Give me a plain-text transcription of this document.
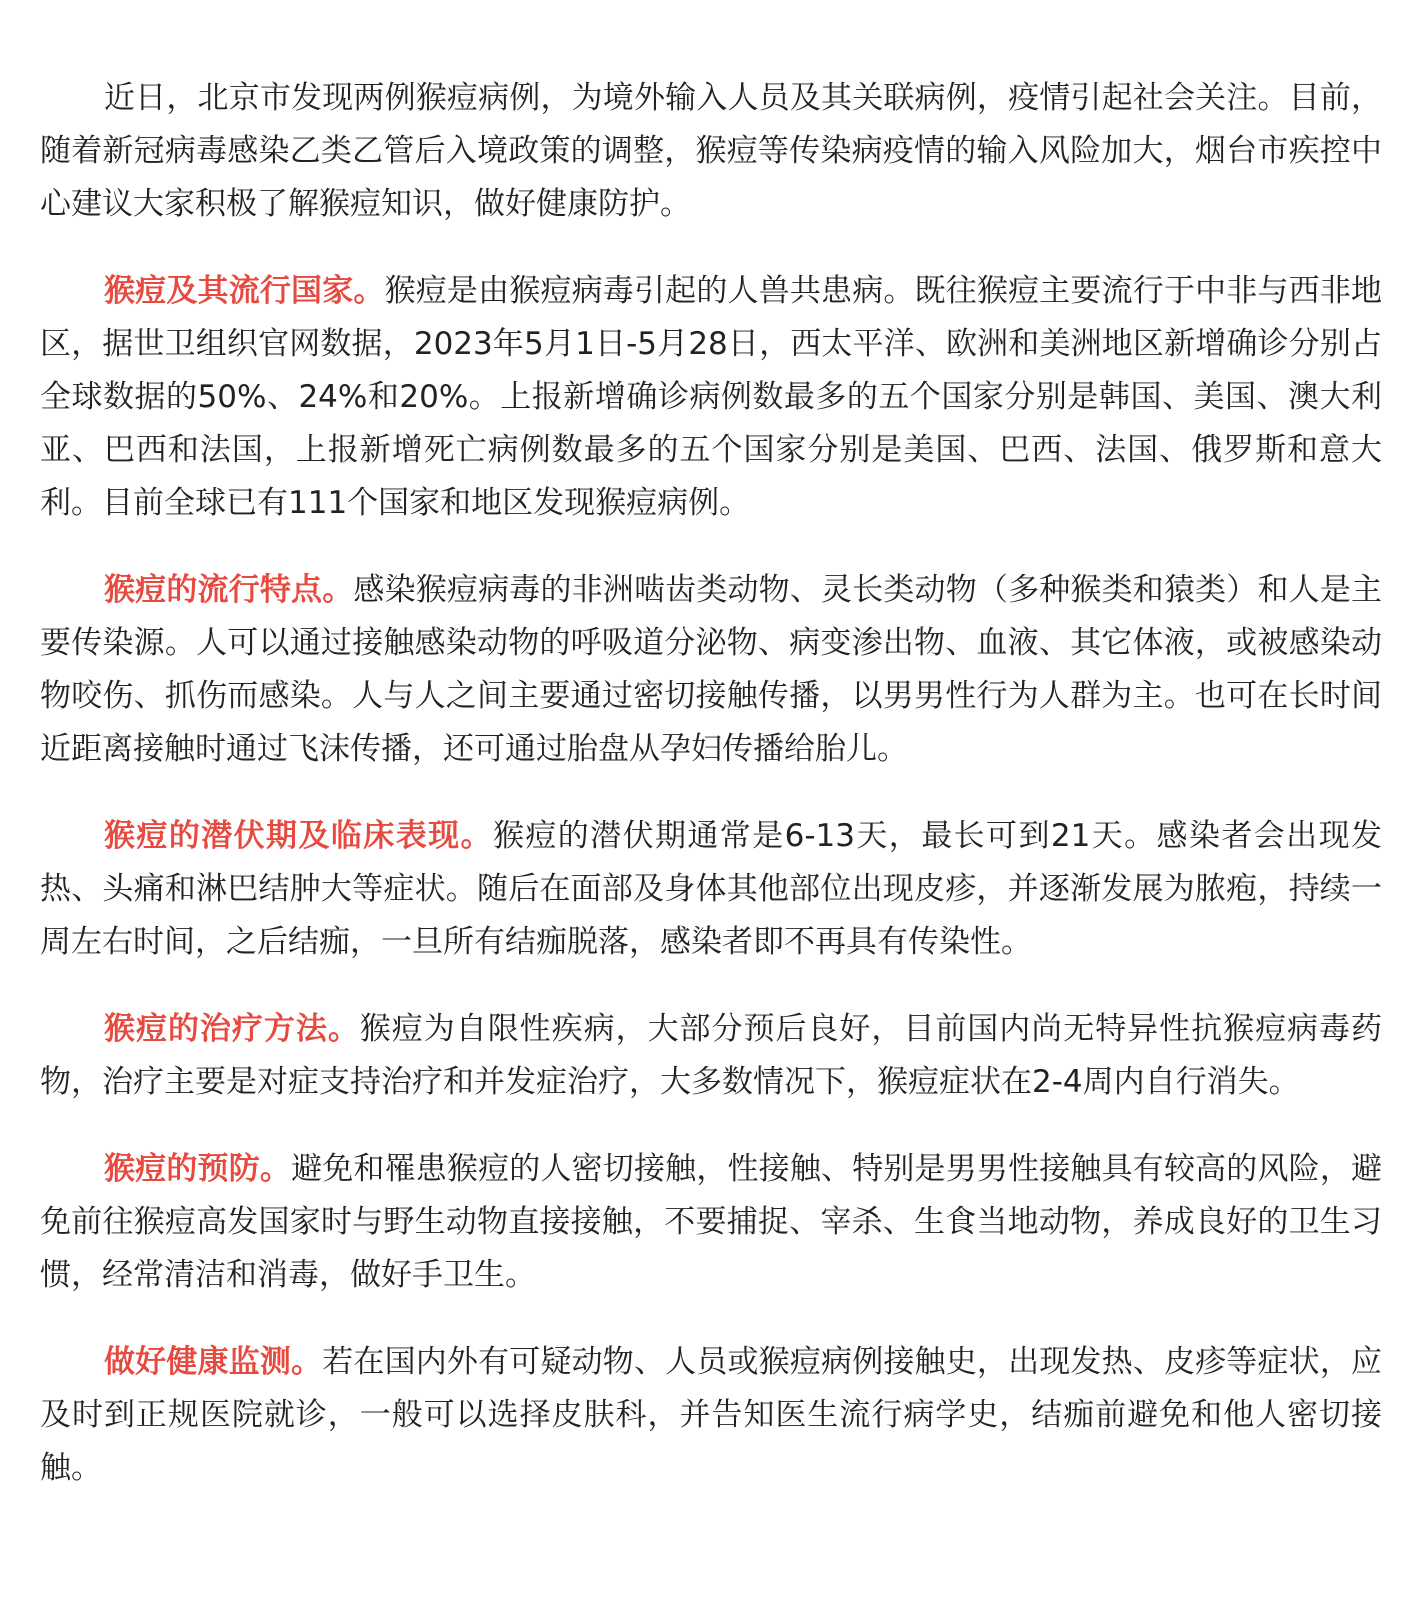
近日，北京市发现两例猴痘病例，为境外输入人员及其关联病例，疫情引起社会关注。目前，随着新冠病毒感染乙类乙管后入境政策的调整，猴痘等传染病疫情的输入风险加大，烟台市疾控中心建议大家积极了解猴痘知识，做好健康防护。

猴痘及其流行国家。猴痘是由猴痘病毒引起的人兽共患病。既往猴痘主要流行于中非与西非地区，据世卫组织官网数据，2023年5月1日-5月28日，西太平洋、欧洲和美洲地区新增确诊分别占全球数据的50%、24%和20%。上报新增确诊病例数最多的五个国家分别是韩国、美国、澳大利亚、巴西和法国，上报新增死亡病例数最多的五个国家分别是美国、巴西、法国、俄罗斯和意大利。目前全球已有111个国家和地区发现猴痘病例。

猴痘的流行特点。感染猴痘病毒的非洲啮齿类动物、灵长类动物（多种猴类和猿类）和人是主要传染源。人可以通过接触感染动物的呼吸道分泌物、病变渗出物、血液、其它体液，或被感染动物咬伤、抓伤而感染。人与人之间主要通过密切接触传播，以男男性行为人群为主。也可在长时间近距离接触时通过飞沫传播，还可通过胎盘从孕妇传播给胎儿。

猴痘的潜伏期及临床表现。猴痘的潜伏期通常是6-13天，最长可到21天。感染者会出现发热、头痛和淋巴结肿大等症状。随后在面部及身体其他部位出现皮疹，并逐渐发展为脓疱，持续一周左右时间，之后结痂，一旦所有结痂脱落，感染者即不再具有传染性。

猴痘的治疗方法。猴痘为自限性疾病，大部分预后良好，目前国内尚无特异性抗猴痘病毒药物，治疗主要是对症支持治疗和并发症治疗，大多数情况下，猴痘症状在2-4周内自行消失。

猴痘的预防。避免和罹患猴痘的人密切接触，性接触、特别是男男性接触具有较高的风险，避免前往猴痘高发国家时与野生动物直接接触，不要捕捉、宰杀、生食当地动物，养成良好的卫生习惯，经常清洁和消毒，做好手卫生。

做好健康监测。若在国内外有可疑动物、人员或猴痘病例接触史，出现发热、皮疹等症状，应及时到正规医院就诊，一般可以选择皮肤科，并告知医生流行病学史，结痂前避免和他人密切接触。
